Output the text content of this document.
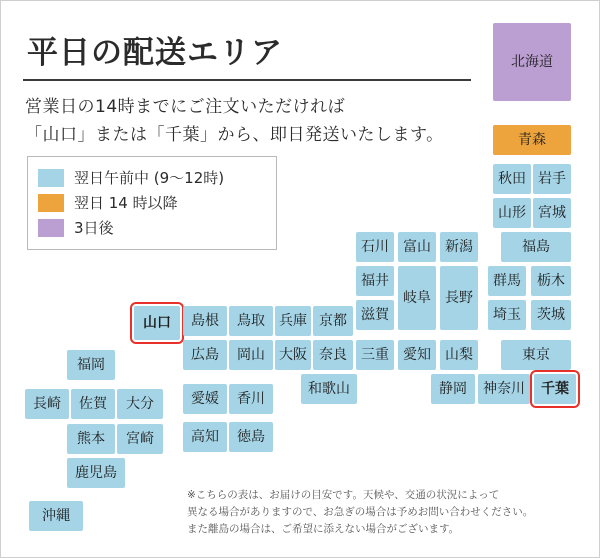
平日の配送エリア
営業日の14時までにご注文いただければ
「山口」または「千葉」から、即日発送いたします。
翌日午前中 (9〜12時)
翌日 14 時以降
3日後
北海道
青森
秋田 岩手
山形 宮城
福島
石川	富山	新潟
群馬	栃木
福井
岐阜	長野
埼玉	茨城
滋賀
山口	島根	鳥取	兵庫 京都
広島	岡山	大阪 奈良	三重	愛知	山梨	東京
和歌山	静岡	神奈川	千葉
福岡
愛媛	香川
長崎	佐賀	大分
高知	徳島
熊本	宮崎
鹿児島
沖縄
※こちらの表は、お届けの目安です。天候や、交通の状況によって
異なる場合がありますので、お急ぎの場合は予めお問い合わせください。
また離島の場合は、ご希望に添えない場合がございます。
